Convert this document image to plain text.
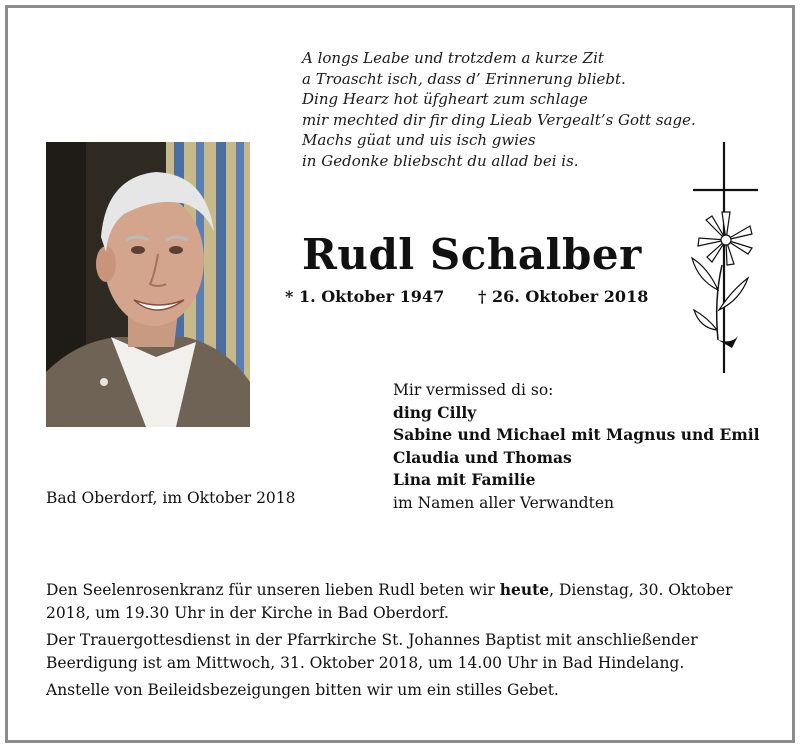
A longs Leabe und trotzdem a kurze Zit
a Troascht isch, dass d’ Erinnerung bliebt.
Ding Hearz hot üfgheart zum schlage
mir mechted dir fir ding Lieab Vergealt’s Gott sage.
Machs güat und uis isch gwies
in Gedonke bliebscht du allad bei is.
Rudl Schalber
* 1. Oktober 1947 † 26. Oktober 2018
Mir vermissed di so:
ding Cilly
Sabine und Michael mit Magnus und Emil
Claudia und Thomas
Lina mit Familie
im Namen aller Verwandten
Bad Oberdorf, im Oktober 2018

Den Seelenrosenkranz für unseren lieben Rudl beten wir heute, Dienstag, 30. Oktober 2018, um 19.30 Uhr in der Kirche in Bad Oberdorf.

Der Trauergottesdienst in der Pfarrkirche St. Johannes Baptist mit anschließender Beerdigung ist am Mittwoch, 31. Oktober 2018, um 14.00 Uhr in Bad Hindelang.

Anstelle von Beileidsbezeigungen bitten wir um ein stilles Gebet.
